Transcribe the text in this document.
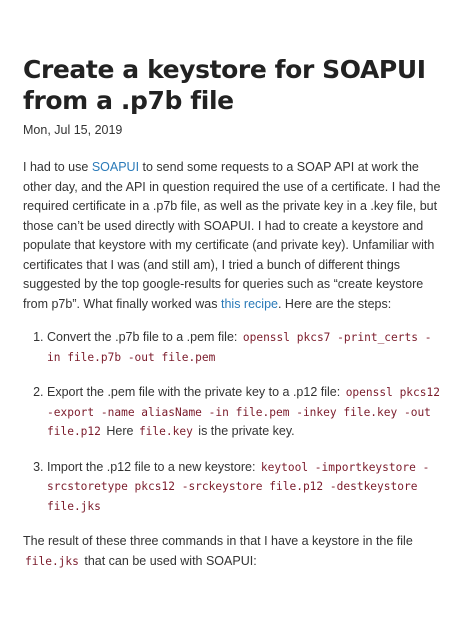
Create a keystore for SOAPUI from a .p7b file
Mon, Jul 15, 2019

I had to use SOAPUI to send some requests to a SOAP API at work the other day, and the API in question required the use of a certificate. I had the required certificate in a .p7b file, as well as the private key in a .key file, but those can’t be used directly with SOAPUI. I had to create a keystore and populate that keystore with my certificate (and private key). Unfamiliar with certificates that I was (and still am), I tried a bunch of different things suggested by the top google-results for queries such as “create keystore from p7b”. What finally worked was this recipe. Here are the steps:

1. Convert the .p7b file to a .pem file: openssl pkcs7 -print_certs -in file.p7b -out file.pem
2. Export the .pem file with the private key to a .p12 file: openssl pkcs12 -export -name aliasName -in file.pem -inkey file.key -out file.p12 Here file.key is the private key.
3. Import the .p12 file to a new keystore: keytool -importkeystore -srcstoretype pkcs12 -srckeystore file.p12 -destkeystore file.jks

The result of these three commands in that I have a keystore in the file file.jks that can be used with SOAPUI:
